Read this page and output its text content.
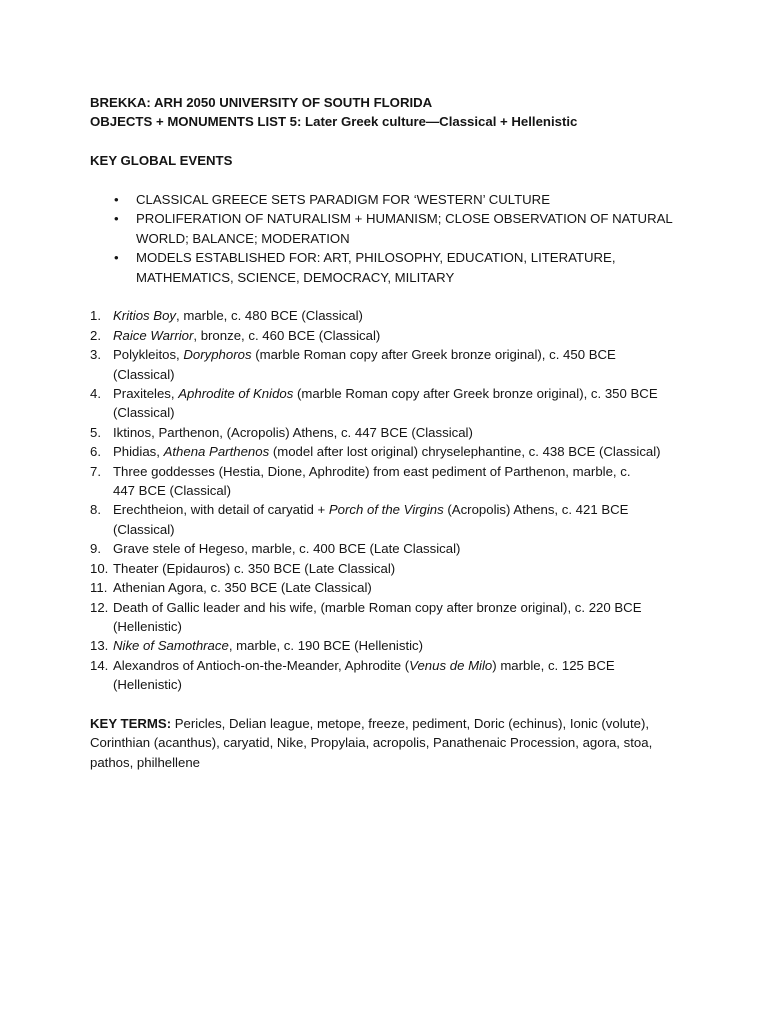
BREKKA: ARH 2050 UNIVERSITY OF SOUTH FLORIDA
OBJECTS + MONUMENTS LIST 5: Later Greek culture—Classical + Hellenistic
KEY GLOBAL EVENTS
• CLASSICAL GREECE SETS PARADIGM FOR ‘WESTERN’ CULTURE
• PROLIFERATION OF NATURALISM + HUMANISM; CLOSE OBSERVATION OF NATURAL
WORLD; BALANCE; MODERATION
• MODELS ESTABLISHED FOR: ART, PHILOSOPHY, EDUCATION, LITERATURE,
MATHEMATICS, SCIENCE, DEMOCRACY, MILITARY
1. Kritios Boy, marble, c. 480 BCE (Classical)
2. Raice Warrior, bronze, c. 460 BCE (Classical)
3. Polykleitos, Doryphoros (marble Roman copy after Greek bronze original), c. 450 BCE
(Classical)
4. Praxiteles, Aphrodite of Knidos (marble Roman copy after Greek bronze original), c. 350 BCE
(Classical)
5. Iktinos, Parthenon, (Acropolis) Athens, c. 447 BCE (Classical)
6. Phidias, Athena Parthenos (model after lost original) chryselephantine, c. 438 BCE (Classical)
7. Three goddesses (Hestia, Dione, Aphrodite) from east pediment of Parthenon, marble, c.
447 BCE (Classical)
8. Erechtheion, with detail of caryatid + Porch of the Virgins (Acropolis) Athens, c. 421 BCE
(Classical)
9. Grave stele of Hegeso, marble, c. 400 BCE (Late Classical)
10. Theater (Epidauros) c. 350 BCE (Late Classical)
11. Athenian Agora, c. 350 BCE (Late Classical)
12. Death of Gallic leader and his wife, (marble Roman copy after bronze original), c. 220 BCE
(Hellenistic)
13. Nike of Samothrace, marble, c. 190 BCE (Hellenistic)
14. Alexandros of Antioch-on-the-Meander, Aphrodite (Venus de Milo) marble, c. 125 BCE
(Hellenistic)
KEY TERMS: Pericles, Delian league, metope, freeze, pediment, Doric (echinus), Ionic (volute),
Corinthian (acanthus), caryatid, Nike, Propylaia, acropolis, Panathenaic Procession, agora, stoa,
pathos, philhellene
